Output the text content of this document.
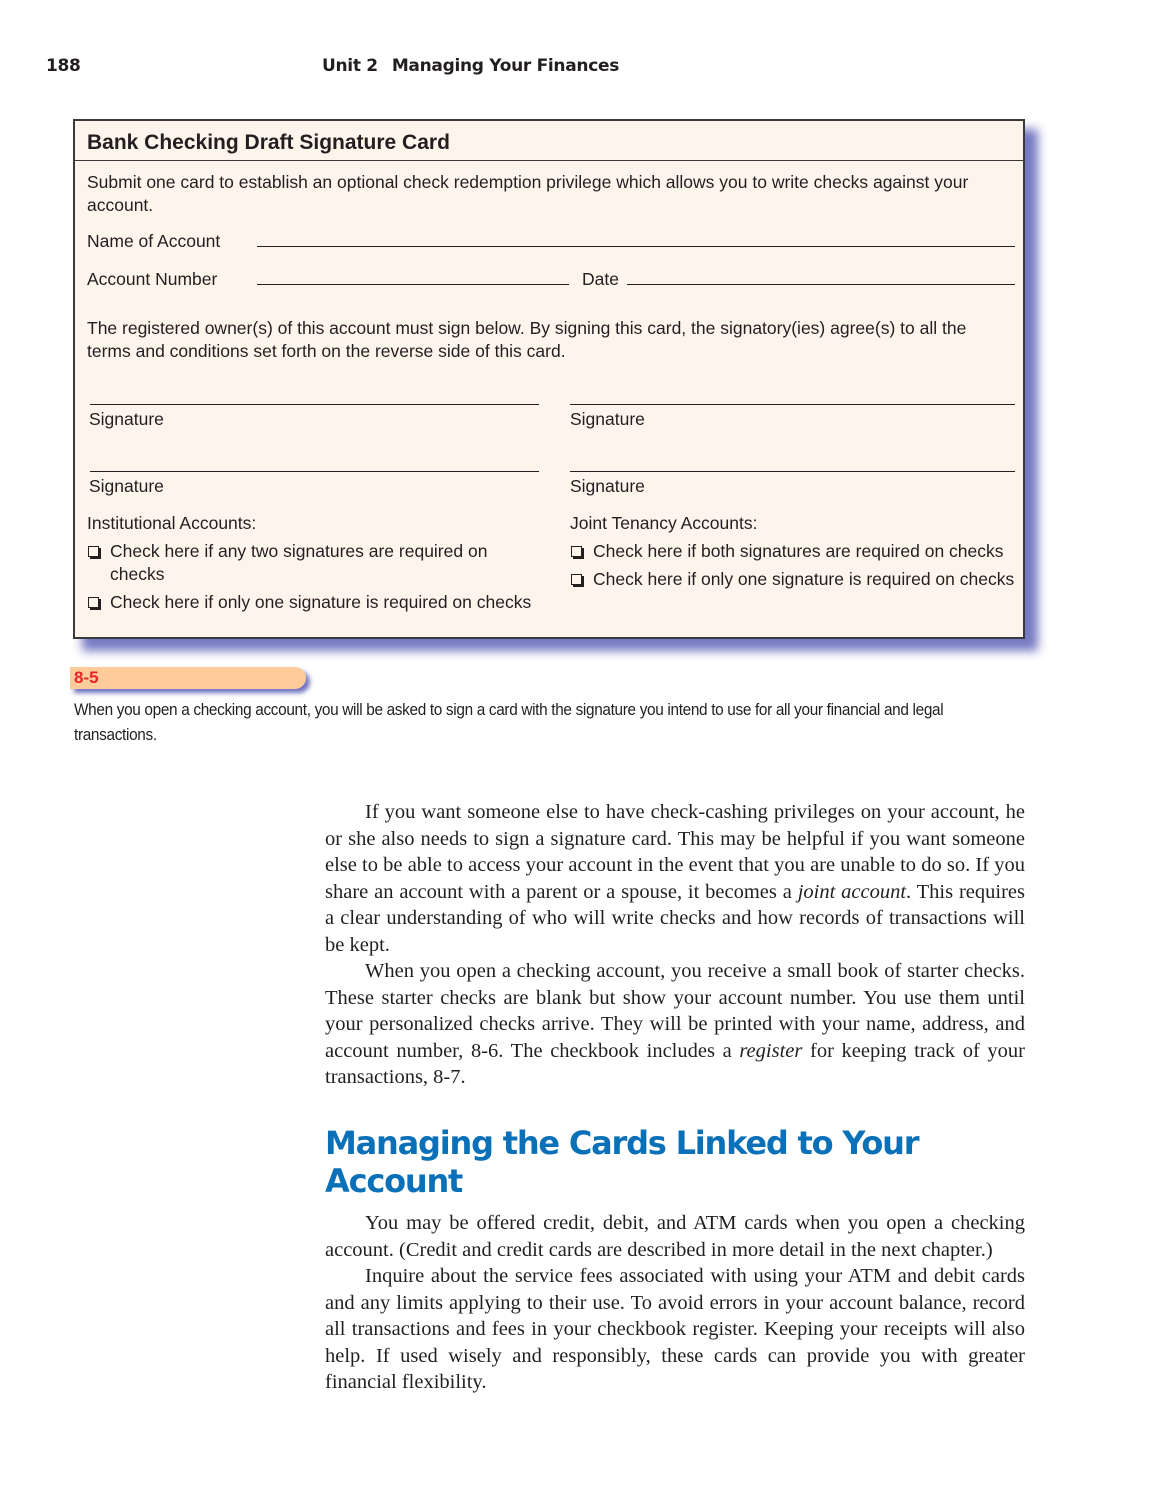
188	Unit 2 Managing Your Finances
Bank Checking Draft Signature Card
Submit one card to establish an optional check redemption privilege which allows you to write checks against your account.
Name of Account
Account Number	Date
The registered owner(s) of this account must sign below. By signing this card, the signatory(ies) agree(s) to all the terms and conditions set forth on the reverse side of this card.
Signature	Signature
Signature	Signature
Institutional Accounts:
Check here if any two signatures are required on checks
Check here if only one signature is required on checks
Joint Tenancy Accounts:
Check here if both signatures are required on checks
Check here if only one signature is required on checks
8-5
When you open a checking account, you will be asked to sign a card with the signature you intend to use for all your financial and legal transactions.

If you want someone else to have check-cashing privileges on your account, he or she also needs to sign a signature card. This may be helpful if you want someone else to be able to access your account in the event that you are unable to do so. If you share an account with a parent or a spouse, it becomes a joint account. This requires a clear understanding of who will write checks and how records of transactions will be kept.

When you open a checking account, you receive a small book of starter checks. These starter checks are blank but show your account number. You use them until your personalized checks arrive. They will be printed with your name, address, and account number, 8-6. The checkbook includes a register for keeping track of your transactions, 8-7.

Managing the Cards Linked to Your Account

You may be offered credit, debit, and ATM cards when you open a checking account. (Credit and credit cards are described in more detail in the next chapter.)

Inquire about the service fees associated with using your ATM and debit cards and any limits applying to their use. To avoid errors in your account balance, record all transactions and fees in your checkbook register. Keeping your receipts will also help. If used wisely and responsibly, these cards can provide you with greater financial flexibility.
